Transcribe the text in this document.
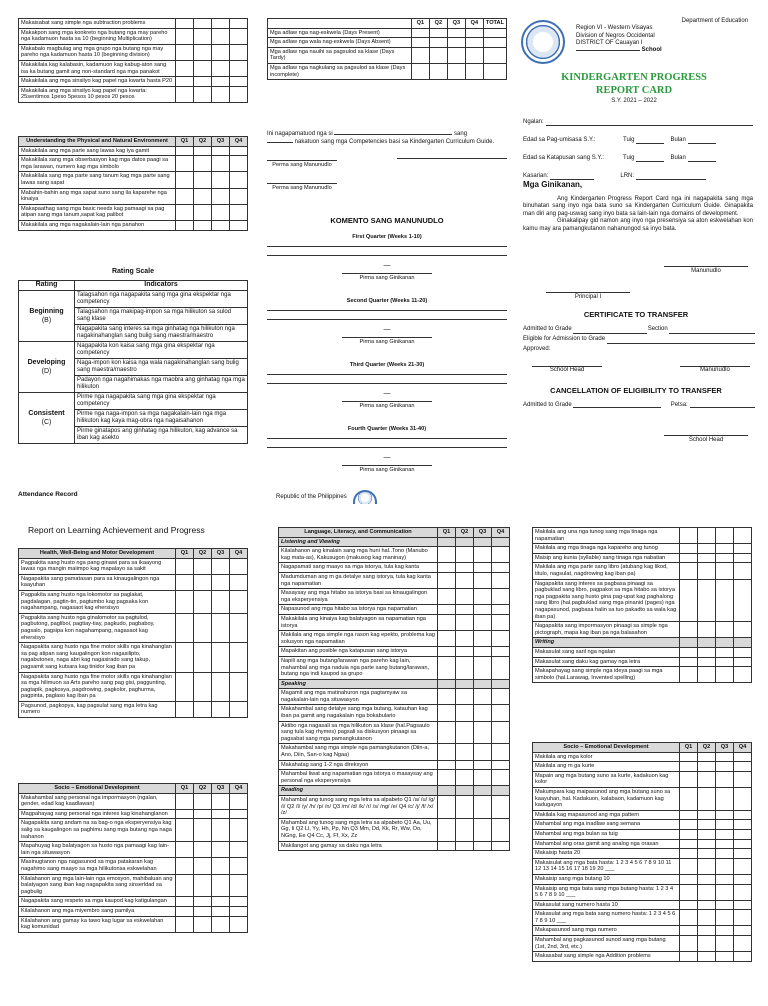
Makaisabat sang simple nga subtraction problems				
Makakpon sang mga konkreto nga butang nga may pareho nga kadamuon hasta sa 10 (beginning Multiplication)				
Makabalo magbulag ang mga grupo nga butang nga may pareho nga kadamuon hasta 10 (beginning division)				
Makakilala kag kalabasin, kadamuon kag kabug-aton sang isa ka butang gamit ang non-standard nga mga panakot				
Makakilala ang mga sinsilyo kag papel nga kwarta hasta P20				
Makakilala ang mga sinsilyo kag papel nga kwarta: 25sentimos 1peso 5pesos 10 pesos 20 pesos				
Understanding the Physical and Natural Environment	Q1	Q2	Q3	Q4
Makakilala ang mga parte sang lawas kag iya gamit				
Makakilala sang mga obserbasyon kag mga datos paagi sa mga larawan, numero kag mga simbolo				
Makakilala sang mga parte sang tanum kag mga parte sang lawas sang sapat				
Mabahin-bahin ang mga sapat suno sang ila kaparehe nga kinaiya				
Makapaathag sang mga basic needs kag pamaagi sa pag atipan sang mga tanum,sapat kag palibot				
Makakilala ang mga nagakalain-lain nga panahon				
Rating Scale
Rating	Indicators

Beginning
(B)	Talagsahon nga nagapakita sang mga gina ekspektar nga competency
	Talagsahon nga makipag-impon sa mga hilikuton sa sulod sang klase
	Nagapakita sang interes sa mga ginhatag nga hilikuton nga nagakinahanglan sang bulig sang maestra/maestro

Developing
(D)	Nagapakita kon kaisa sang mga gina ekspektar nga competency
	Naga-impon kon kaisa nga wala nagakinahanglan sang bulig sang maestra/maestro
	Padayon nga nagahimakas nga maobra ang ginhatag nga mga hilikuton

Consistent
(C)	Pirme nga nagapakita sang mga gina ekspektar nga competency
	Pirme nga naga-impon sa mga nagakalain-lain nga mga hilikuton kag kaya mag-obra nga nagaisahanon
	Pirme ginatapos ang ginhatag nga hilikuton, kag advance sa iban kag asekto
Attendance Record
	Q1	Q2	Q3	Q4	TOTAL
Mga adlaw nga nag-eskwela (Days Present)					
Mga adlaw nga wala nag-eskwela (Days Absent)					
Mga adlaw nga nauihi sa pagsulod sa klase (Days Tardy)					
Mga adlaw nga nagkulang sa pagsulod sa klase (Days incomplete)					
Ini nagapamatuod nga si	sang
nakatuon sang mga Competencies basi sa Kindergarten Curriculum Guide.
Perma sang Manunudlo
Perma sang Manunudlo
KOMENTO SANG MANUNUDLO
First Quarter (Weeks 1-10)
—
Pirma sang Ginikanan
Second Quarter (Weeks 11-20)
—
Pirma sang Ginikanan
Third Quarter (Weeks 21-30)
—
Pirma sang Ginikanan
Fourth Quarter (Weeks 31-40)
—
Pirma sang Ginikanan
Republic of the Philippines
Department of Education
Region VI - Western Visayas
Division of Negros Occidental
DISTRICT OF Cauayan I
School
KINDERGARTEN PROGRESS
REPORT CARD
S.Y. 2021 – 2022
Ngalan:
Edad sa Pag-umisasa S.Y.:	Tuig	Bulan
Edad sa Katapusan sang S.Y.:	Tuig	Bulan
Kasarian:	LRN:
Mga Ginikanan,

Ang Kindergarten Progress Report Card nga ini nagapakita sang mga binuhatan sang inyo nga bata suno sa Kindergarten Curriculum Guide. Ginapakita man diri ang pag-uswag sang inyo bata sa lain-lain nga domains of development.

Ginakalipay gid namon ang inyo nga presensiya sa aton eskwelahan kon kamu may ara pamangkutanon nahanungod sa inyo bata.

Manunudlo
Principal I
CERTIFICATE TO TRANSFER
Admitted to Grade	Section
Eligible for Admission to Grade
Approved:
School Head	Manunudlo
CANCELLATION OF ELIGIBILITY TO TRANSFER
Admitted to Grade	Petsa:
School Head
Report on Learning Achievement and Progress
Health, Well-Being and Motor Development	Q1	Q2	Q3	Q4
Pagpakita sang husto nga pang ginawi para sa ikaayong lawas nga mangin maiimpo kag mapalayo sa sakit				
Nagapakita sang pamatasan para sa kinaugalingon nga kaayuhan				
Pagpakita sang husto nga lokomotor sa paglakat, pagdalagan, pagtin-tin, pagtumbo kag pagsaka kon nagahampang, nagasaot kag ehersisyo				
Pagpakita sang husto nga ginalomotor sa pagtulod, pagbutong, pagliboi, pagtiay-tiay, pagkudo, pagbaboy, pagsalo, pagsipa kon nagahampang, nagasaot kag ehersisyo				
Nagapakita sang husto nga fine motor skills nga kinahanglan sa pag atipan sang kaugalingon kon nagasilipto, nagabutones, naga abri kag nagasirado sang takup, pagsamit sang kutsara kag tinidor kag iban pa				
Nagapakita sang husto nga fine motor skills nga kinahanglan sa mga hilimuon sa Arts pareho sang pag gisi, paggunting, pagtapik, pagkosya, pagdrowing, pagkolor, paghurma, pagpinta, paglaso kag iban pa				
Pagsunod, pagkopya, kag pagsulat sang mga letra kag numero				
Socio – Emotional Development	Q1	Q2	Q3	Q4
Makahambal sang personal nga impormasyon (ngalan, gender, edad kag kaadlawan)				
Magpahayag sang personal nga interes kag kinahanglanon				
Nagapakita sang andam na sa bag-o nga eksperyensiya kag salig sa kaugalingon sa paghimu sang mga butang nga naga isahanon				
Mapahuyag kag balatyagon sa husto nga pamaagi kag lain-lain nga situwasyon				
Masinugtanon nga nagasunod sa mga patakaran kag nagahimo sang maayo sa mga hilikutonsa eskwelahan				
Kilalahanon ang mga lain-lain nga emosyon, mahibaluan ang balatyagon sang iban kag nagapakita sang sinserldad sa pagbulig				
Nagapakita sang respeto sa mga kaupod kag katigulangan				
Kilalahanon ang mga miyembro sang pamilya				
Kilalahanon ang gamay ka tawo kag lugar sa eskwelahan kag komunidad				
Language, Literacy, and Communication	Q1	Q2	Q3	Q4
Listening and Viewing				
Kilalahanon ang kinalain sang mga huni hal..Tono (Manubo kag mata-as), Kakusugon (makusog kag maninay)				
Nagapamati sang maayo sa mga istorya, tula kag kanta				
Madumduman ang m ga detalye sang istorya, tula kag kanta nga napamatian				
Masaysay ang mga hitabo sa istorya basi sa kinaugalingon nga eksperyensiya				
Napasunod ang mga hitabo sa istorya nga napamatian				
Makakilala ang kinaiya kag balatyagon sa napamatian nga istorya				
Makilala ang mga simple nga rason kag epekto, problema kag solusyon nga napamatian				
Mapakitan ang posible nga katapusan sang istorya				
Napili ang mga butang/larawan nga pareho kag lain, mahambal ang mga naduia nga parte sang butang/larawan, butang nga indi kaupod sa grupo				
Speaking				
Magamit ang mga matinahuron nga pagtamyaw sa nagakalain-lain nga situwasyon				
Makahambal sang detalye sang mga butang, katauhan kag iban pa gamit ang nagakalain nga bokabulario				
Aktibo nga nagasali sa mga hilikuton sa klase (hal.Pagsaulo sang tula kag rhymes) pagsali sa diskusyon pinaagi sa pagsabat sang mga pamangkutanon				
Makahambal sang mga simple nga pamangkutanon (Diin-a, Ano, Diin, San-o kag Ngaa)				
Makahatag sang 1-2 nga direksyon				
Mahambal liwat ang napamatian nga istorya o masaysay ang personal nga eksperyensiya				
Reading				
Mahambal ang tunog sang mga letra sa alpabeto Q1 /a/ /u/ /g/ /i/ Q2 /l/ /y/ /h/ /p/ /n/ Q3 /m/ /d/ /k/ /r/ /s/ /ng/ /e/ Q4 /c/ /j/ /f/ /x/ /z/				
Mahambal ang tunog sang mga letra sa alpabeto Q1 Aa, Uu, Gg, Ii Q2 Ll, Yy, Hh, Pp, Nn Q3 Mm, Dd, Kk, Rr, Ww, Oo, NGng, Ee Q4 Cc, Jj, Ff, Xx, Zz				
Makilangot ang gamay sa daku nga letra				
Makilala ang una nga tunog sang mga tinaga nga napamatian				
Makilala ang mga tinaga nga kapareho ang tunog				
Maisip ang kunia (syllable) sang tinaga nga nabatian				
Makilala ang mga parte sang libro (atubang kag likod, titulo, nagsulat, nagdrowing kag iban pa)				
Nagapakita sang interes sa pagbasa pinaagi sa pagbuklad sang libro, pagpakot sa mga hitabo sa istorya nga pagpakita sang husto gina pag-upat kag paghalong sang libro (hal.pagbuklad sang mga pinanid (pages) nga nagapasunod, pagbasa halin sa tuo pakadto sa wala kag iban pa)				
Nagapakita sang impormasyon pinaagi sa simple nga pictograph, mapa kag iban pa nga balasahon				
Writing				
Makasulat sang saril nga ngalan				
Makasulat sang daku kag gamay nga letra				
Makapahayag sang simple nga ideya paagi sa mga simbolo (hal.Larawag, Invented spelling)				
Socio – Emotional Development	Q1	Q2	Q3	Q4
Makilala ang mga kolor				
Makilala ang m ga kurte				
Mapain ang mga butang suno sa kurte, kadakuon kag kolor				
Makumpara kag maipasunod ang mga butang suno sa kaayuhan, hal. Kadakuon, kalabaon, kadamuon kag kadugayon				
Makilala kag mapasunod ang mga pattern				
Mahambal ang mga inadlaw sang semana				
Mahambal ang mga bulan sa tuig				
Mahambal ang oras gamit ang analog nga orasan				
Makaisip hasta 20				
Makaisulat ang mga bata hasta: 1 2 3 4 5 6 7 8 9 10 11 12 13 14 15 16 17 18 19 20 ___				
Makaisip sang mga butang 10				
Makaisip ang mga bata sang mga butang hasta: 1 2 3 4 5 6 7 8 9 10 ___				
Makasulat sang numero hasta 10				
Makasulat ang mga bata sang numero hasta: 1 2 3 4 5 6 7 8 9 10 ___				
Makapasunod sang mga numero				
Mahambal ang pagkasunod sunod sang mga butang (1st, 2nd, 3rd, etc.)				
Makasabat sang simple nga Addition problems				
